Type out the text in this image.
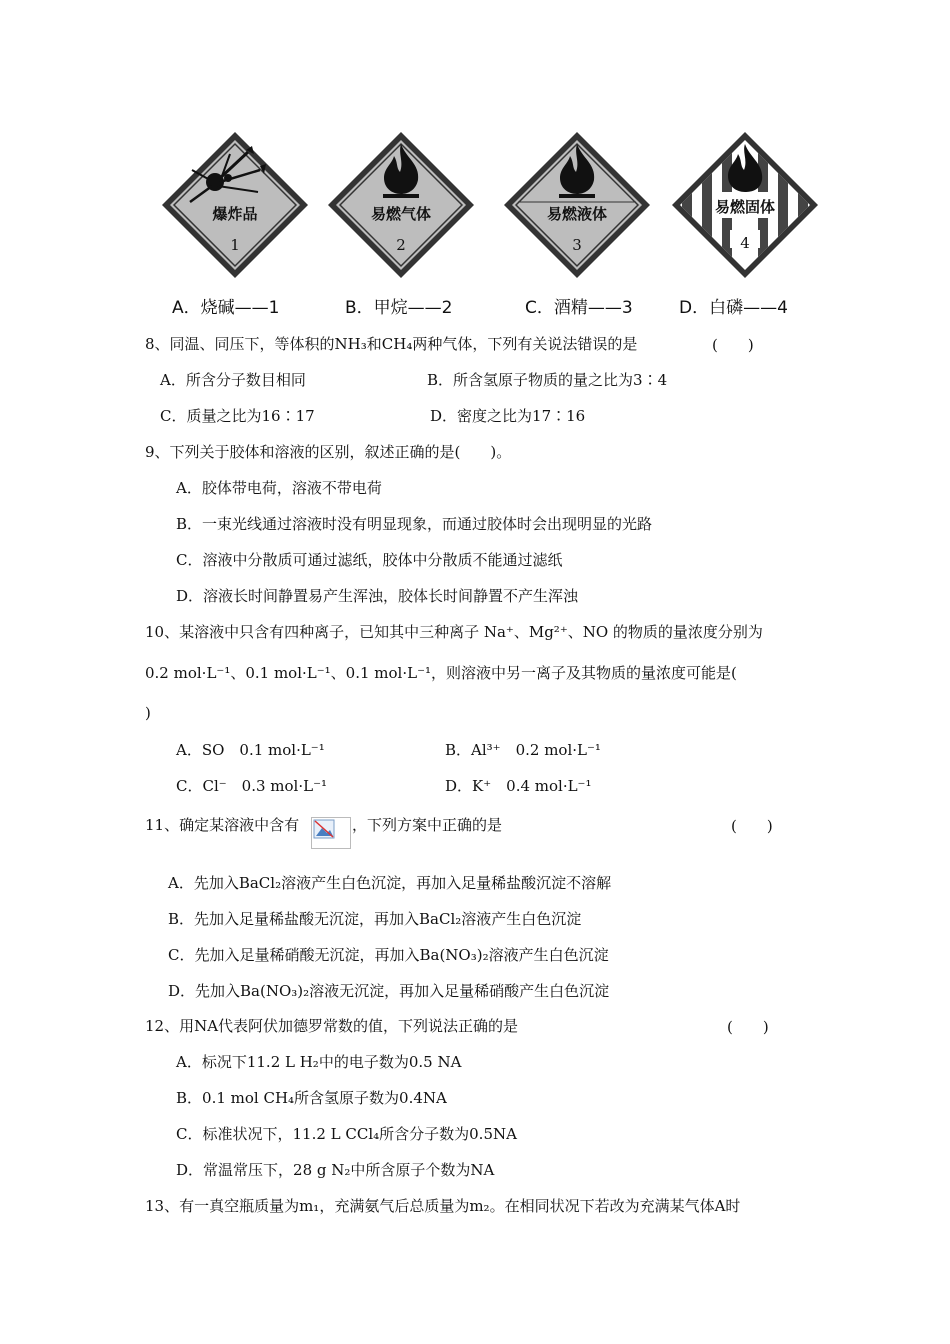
爆炸品
1
易燃气体
2
易燃液体
3
易燃固体
4
A．烧碱——1	B．甲烷——2	C．酒精——3	D．白磷——4
8、同温、同压下，等体积的NH₃和CH₄两种气体，下列有关说法错误的是	(　　)
A．所含分子数目相同	B．所含氢原子物质的量之比为3∶4
C．质量之比为16∶17	D．密度之比为17∶16
9、下列关于胶体和溶液的区别，叙述正确的是(　　)。
A．胶体带电荷，溶液不带电荷
B．一束光线通过溶液时没有明显现象，而通过胶体时会出现明显的光路
C．溶液中分散质可通过滤纸，胶体中分散质不能通过滤纸
D．溶液长时间静置易产生浑浊，胶体长时间静置不产生浑浊
10、某溶液中只含有四种离子，已知其中三种离子 Na⁺、Mg²⁺、NO 的物质的量浓度分别为
0.2 mol·L⁻¹、0.1 mol·L⁻¹、0.1 mol·L⁻¹，则溶液中另一离子及其物质的量浓度可能是(
)
A．SO　0.1 mol·L⁻¹	B．Al³⁺　0.2 mol·L⁻¹
C．Cl⁻　0.3 mol·L⁻¹	D．K⁺　0.4 mol·L⁻¹
11、确定某溶液中含有	，下列方案中正确的是	(　　)
A．先加入BaCl₂溶液产生白色沉淀，再加入足量稀盐酸沉淀不溶解
B．先加入足量稀盐酸无沉淀，再加入BaCl₂溶液产生白色沉淀
C．先加入足量稀硝酸无沉淀，再加入Ba(NO₃)₂溶液产生白色沉淀
D．先加入Ba(NO₃)₂溶液无沉淀，再加入足量稀硝酸产生白色沉淀
12、用NA代表阿伏加德罗常数的值，下列说法正确的是	(　　)
A．标况下11.2 L H₂中的电子数为0.5 NA
B．0.1 mol CH₄所含氢原子数为0.4NA
C．标准状况下，11.2 L CCl₄所含分子数为0.5NA
D．常温常压下，28 g N₂中所含原子个数为NA
13、有一真空瓶质量为m₁，充满氨气后总质量为m₂。在相同状况下若改为充满某气体A时
